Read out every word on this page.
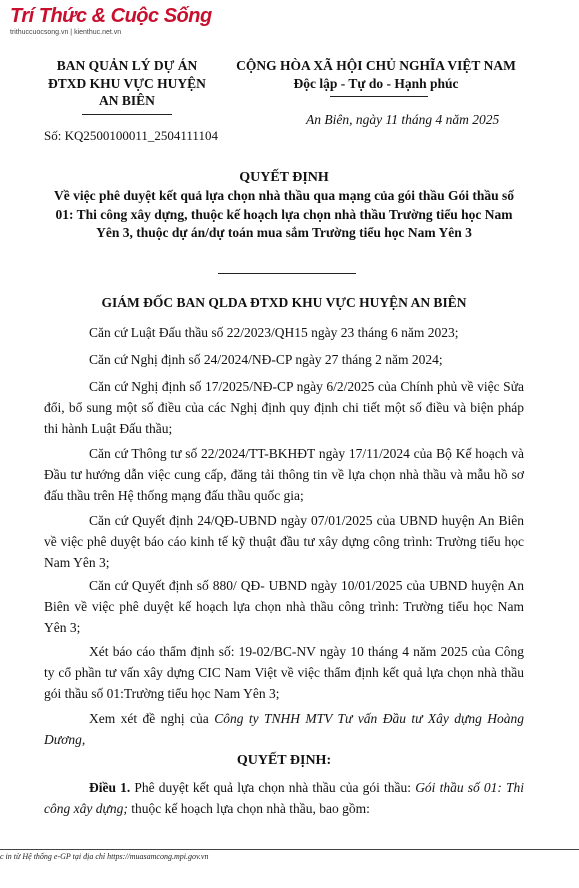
Trí Thức & Cuộc Sống
trithuccuocsong.vn | kienthuc.net.vn
BAN QUẢN LÝ DỰ ÁN
ĐTXD KHU VỰC HUYỆN
AN BIÊN
Số: KQ2500100011_2504111104
CỘNG HÒA XÃ HỘI CHỦ NGHĨA VIỆT NAM
Độc lập - Tự do - Hạnh phúc
An Biên, ngày 11 tháng 4 năm 2025
QUYẾT ĐỊNH
Về việc phê duyệt kết quả lựa chọn nhà thầu qua mạng của gói thầu Gói thầu số 01: Thi công xây dựng, thuộc kế hoạch lựa chọn nhà thầu Trường tiểu học Nam Yên 3, thuộc dự án/dự toán mua sắm Trường tiểu học Nam Yên 3
GIÁM ĐỐC BAN QLDA ĐTXD KHU VỰC HUYỆN AN BIÊN
Căn cứ Luật Đấu thầu số 22/2023/QH15 ngày 23 tháng 6 năm 2023;
Căn cứ Nghị định số 24/2024/NĐ-CP ngày 27 tháng 2 năm 2024;
Căn cứ Nghị định số 17/2025/NĐ-CP ngày 6/2/2025 của Chính phủ về việc Sửa đổi, bổ sung một số điều của các Nghị định quy định chi tiết một số điều và biện pháp thi hành Luật Đấu thầu;
Căn cứ Thông tư số 22/2024/TT-BKHĐT ngày 17/11/2024 của Bộ Kế hoạch và Đầu tư hướng dẫn việc cung cấp, đăng tải thông tin về lựa chọn nhà thầu và mẫu hồ sơ đấu thầu trên Hệ thống mạng đấu thầu quốc gia;
Căn cứ Quyết định 24/QĐ-UBND ngày 07/01/2025 của UBND huyện An Biên về việc phê duyệt báo cáo kinh tế kỹ thuật đầu tư xây dựng công trình: Trường tiểu học Nam Yên 3;
Căn cứ Quyết định số 880/ QĐ- UBND ngày 10/01/2025 của UBND huyện An Biên về việc phê duyệt kế hoạch lựa chọn nhà thầu công trình: Trường tiểu học Nam Yên 3;
Xét báo cáo thẩm định số: 19-02/BC-NV ngày 10 tháng 4 năm 2025 của Công ty cổ phần tư vấn xây dựng CIC Nam Việt về việc thẩm định kết quả lựa chọn nhà thầu gói thầu số 01:Trường tiểu học Nam Yên 3;
Xem xét đề nghị của Công ty TNHH MTV Tư vấn Đầu tư Xây dựng Hoàng Dương,
QUYẾT ĐỊNH:
Điều 1. Phê duyệt kết quả lựa chọn nhà thầu của gói thầu: Gói thầu số 01: Thi công xây dựng; thuộc kế hoạch lựa chọn nhà thầu, bao gồm:
c in từ Hệ thống e-GP tại địa chỉ https://muasamcong.mpi.gov.vn
